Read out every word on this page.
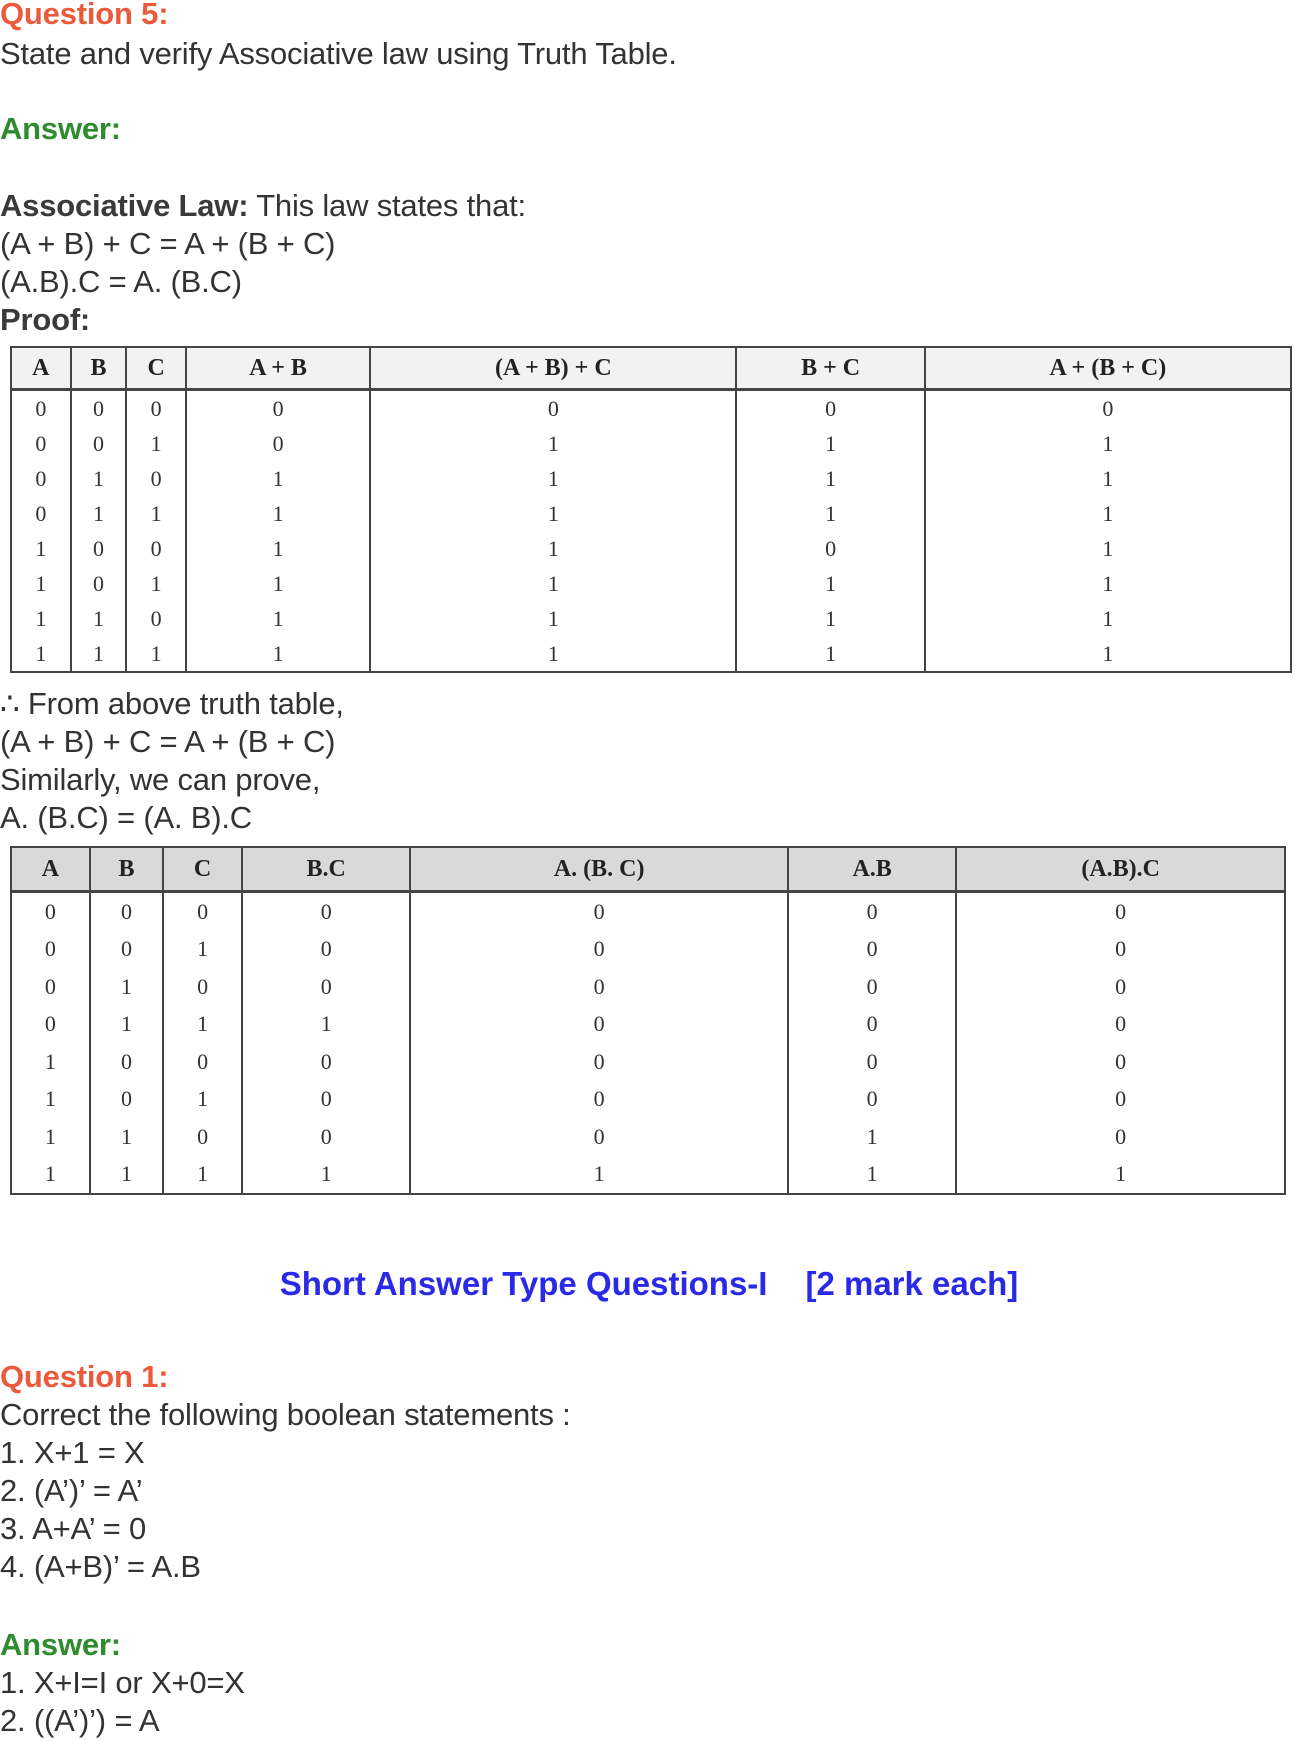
Question 5:
State and verify Associative law using Truth Table.
Answer:
Associative Law: This law states that:
(A + B) + C = A + (B + C)
(A.B).C = A. (B.C)
Proof:
A	B	C	A + B	(A + B) + C	B + C	A + (B + C)
0	0	0	0	0	0	0
0	0	1	0	1	1	1
0	1	0	1	1	1	1
0	1	1	1	1	1	1
1	0	0	1	1	0	1
1	0	1	1	1	1	1
1	1	0	1	1	1	1
1	1	1	1	1	1	1
∴ From above truth table,
(A + B) + C = A + (B + C)
Similarly, we can prove,
A. (B.C) = (A. B).C
A	B	C	B.C	A. (B. C)	A.B	(A.B).C
0	0	0	0	0	0	0
0	0	1	0	0	0	0
0	1	0	0	0	0	0
0	1	1	1	0	0	0
1	0	0	0	0	0	0
1	0	1	0	0	0	0
1	1	0	0	0	1	0
1	1	1	1	1	1	1
Short Answer Type Questions-I [2 mark each]
Question 1:
Correct the following boolean statements :
1. X+1 = X
2. (A’)’ = A’
3. A+A’ = 0
4. (A+B)’ = A.B
Answer:
1. X+I=I or X+0=X
2. ((A’)’) = A
